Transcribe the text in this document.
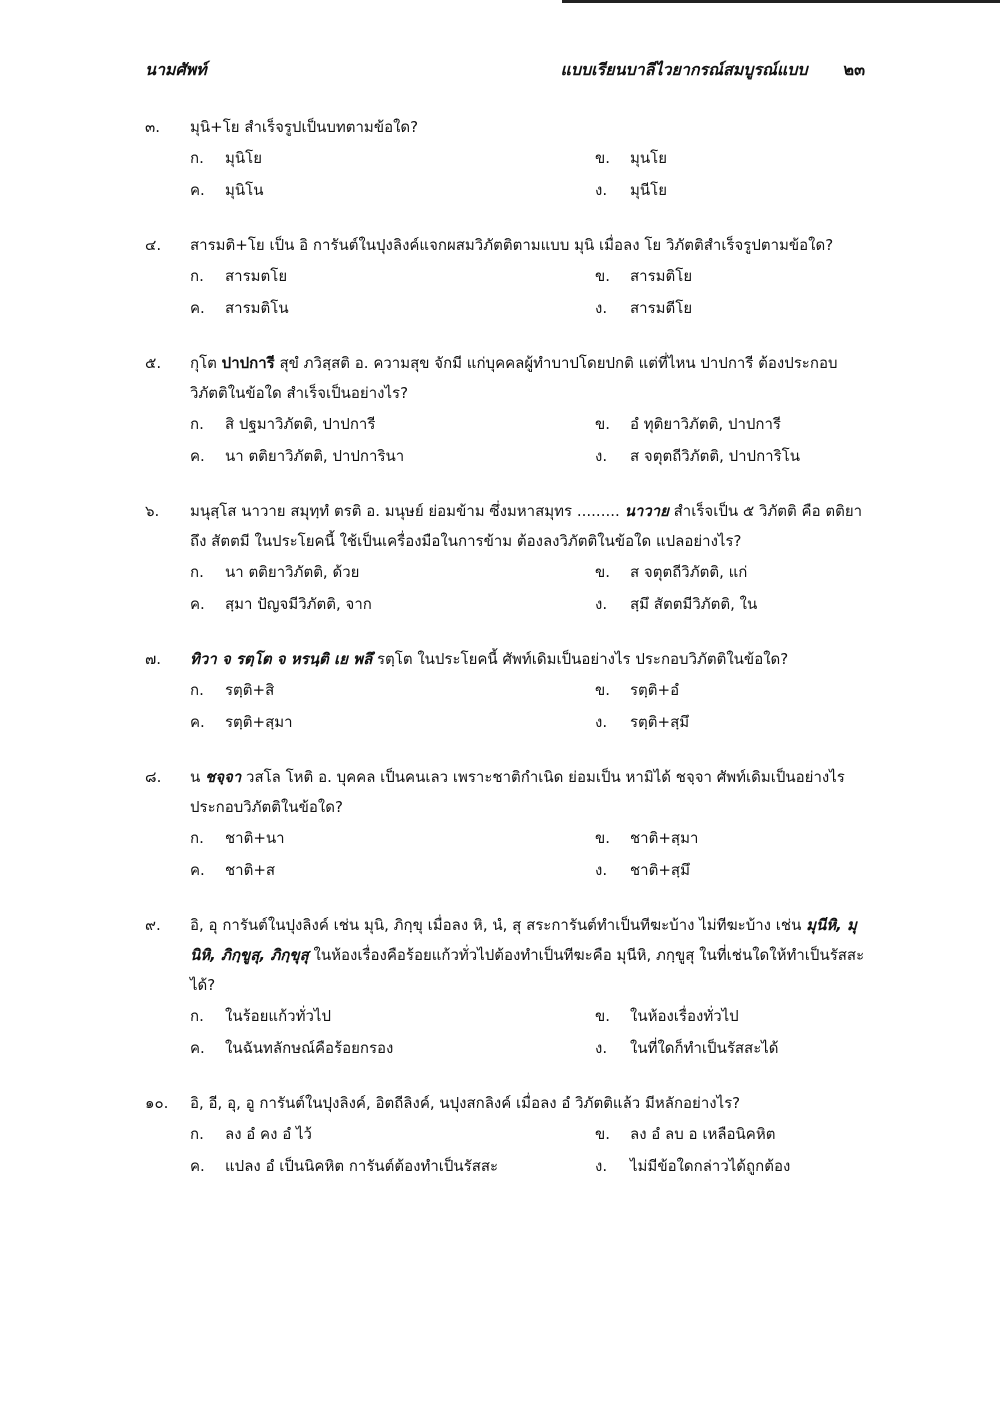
นามศัพท์	แบบเรียนบาลีไวยากรณ์สมบูรณ์แบบ ๒๓
๓.	มุนิ+โย สำเร็จรูปเป็นบทตามข้อใด?
ก.	มุนิโย	ข.	มุนโย
ค.	มุนิโน	ง.	มุนีโย
๔.	สารมติ+โย เป็น อิ การันต์ในปุงลิงค์แจกผสมวิภัตติตามแบบ มุนิ เมื่อลง โย วิภัตติสำเร็จรูปตามข้อใด?
ก.	สารมตโย	ข.	สารมติโย
ค.	สารมติโน	ง.	สารมตีโย
๕.	กุโต ปาปการี สุขํ ภวิสฺสติ อ. ความสุข จักมี แก่บุคคลผู้ทำบาปโดยปกติ แต่ที่ไหน ปาปการี ต้องประกอบวิภัตติในข้อใด สำเร็จเป็นอย่างไร?
ก.	สิ ปฐมาวิภัตติ, ปาปการี	ข.	อํ ทุติยาวิภัตติ, ปาปการี
ค.	นา ตติยาวิภัตติ, ปาปการินา	ง.	ส จตุตถีวิภัตติ, ปาปการิโน
๖.	มนุสฺโส นาวาย สมุทฺทํ ตรติ อ. มนุษย์ ย่อมข้าม ซึ่งมหาสมุทร ......... นาวาย สำเร็จเป็น ๕ วิภัตติ คือ ตติยา ถึง สัตตมี ในประโยคนี้ ใช้เป็นเครื่องมือในการข้าม ต้องลงวิภัตติในข้อใด แปลอย่างไร?
ก.	นา ตติยาวิภัตติ, ด้วย	ข.	ส จตุตถีวิภัตติ, แก่
ค.	สฺมา ปัญจมีวิภัตติ, จาก	ง.	สฺมึ สัตตมีวิภัตติ, ใน
๗.	ทิวา จ รตฺโต จ หรนฺติ เย พลึ รตฺโต ในประโยคนี้ ศัพท์เดิมเป็นอย่างไร ประกอบวิภัตติในข้อใด?
ก.	รตฺติ+สิ	ข.	รตฺติ+อํ
ค.	รตฺติ+สฺมา	ง.	รตฺติ+สฺมึ
๘.	น ชจฺจา วสโล โหติ อ. บุคคล เป็นคนเลว เพราะชาติกำเนิด ย่อมเป็น หามิได้ ชจฺจา ศัพท์เดิมเป็นอย่างไร ประกอบวิภัตติในข้อใด?
ก.	ชาติ+นา	ข.	ชาติ+สฺมา
ค.	ชาติ+ส	ง.	ชาติ+สฺมึ
๙.	อิ, อุ การันต์ในปุงลิงค์ เช่น มุนิ, ภิกฺขุ เมื่อลง หิ, นํ, สุ สระการันต์ทำเป็นทีฆะบ้าง ไม่ทีฆะบ้าง เช่น มุนีหิ, มุนิหิ, ภิกฺขูสุ, ภิกฺขุสุ ในห้องเรื่องคือร้อยแก้วทั่วไปต้องทำเป็นทีฆะคือ มุนีหิ, ภกฺขูสุ ในที่เช่นใดให้ทำเป็นรัสสะได้?
ก.	ในร้อยแก้วทั่วไป	ข.	ในห้องเรื่องทั่วไป
ค.	ในฉันทลักษณ์คือร้อยกรอง	ง.	ในที่ใดก็ทำเป็นรัสสะได้
๑๐.	อิ, อี, อุ, อู การันต์ในปุงลิงค์, อิตถีลิงค์, นปุงสกลิงค์ เมื่อลง อํ วิภัตติแล้ว มีหลักอย่างไร?
ก.	ลง อํ คง อํ ไว้	ข.	ลง อํ ลบ อ เหลือนิคหิต
ค.	แปลง อํ เป็นนิคหิต การันต์ต้องทำเป็นรัสสะ	ง.	ไม่มีข้อใดกล่าวได้ถูกต้อง
